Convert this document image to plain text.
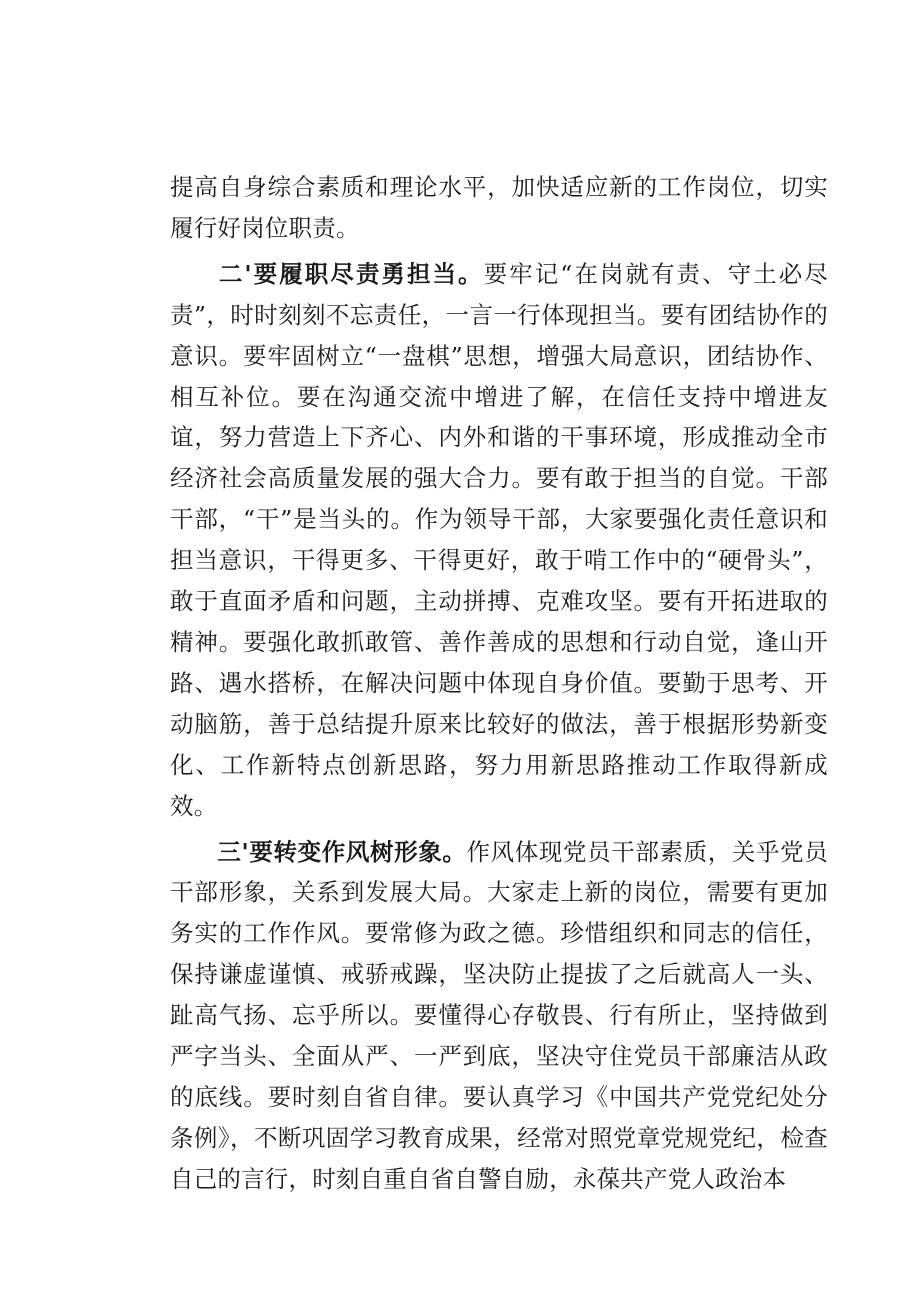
提高自身综合素质和理论水平，加快适应新的工作岗位，切实履行好岗位职责。

二'要履职尽责勇担当。要牢记“在岗就有责、守土必尽责”，时时刻刻不忘责任，一言一行体现担当。要有团结协作的意识。要牢固树立“一盘棋”思想，增强大局意识，团结协作、相互补位。要在沟通交流中增进了解，在信任支持中增进友谊，努力营造上下齐心、内外和谐的干事环境，形成推动全市经济社会高质量发展的强大合力。要有敢于担当的自觉。干部干部，“干”是当头的。作为领导干部，大家要强化责任意识和担当意识，干得更多、干得更好，敢于啃工作中的“硬骨头”，敢于直面矛盾和问题，主动拼搏、克难攻坚。要有开拓进取的精神。要强化敢抓敢管、善作善成的思想和行动自觉，逢山开路、遇水搭桥，在解决问题中体现自身价值。要勤于思考、开动脑筋，善于总结提升原来比较好的做法，善于根据形势新变化、工作新特点创新思路，努力用新思路推动工作取得新成效。

三'要转变作风树形象。作风体现党员干部素质，关乎党员干部形象，关系到发展大局。大家走上新的岗位，需要有更加务实的工作作风。要常修为政之德。珍惜组织和同志的信任，保持谦虚谨慎、戒骄戒躁，坚决防止提拔了之后就高人一头、趾高气扬、忘乎所以。要懂得心存敬畏、行有所止，坚持做到严字当头、全面从严、一严到底，坚决守住党员干部廉洁从政的底线。要时刻自省自律。要认真学习《中国共产党党纪处分条例》，不断巩固学习教育成果，经常对照党章党规党纪，检查自己的言行，时刻自重自省自警自励，永葆共产党人政治本
